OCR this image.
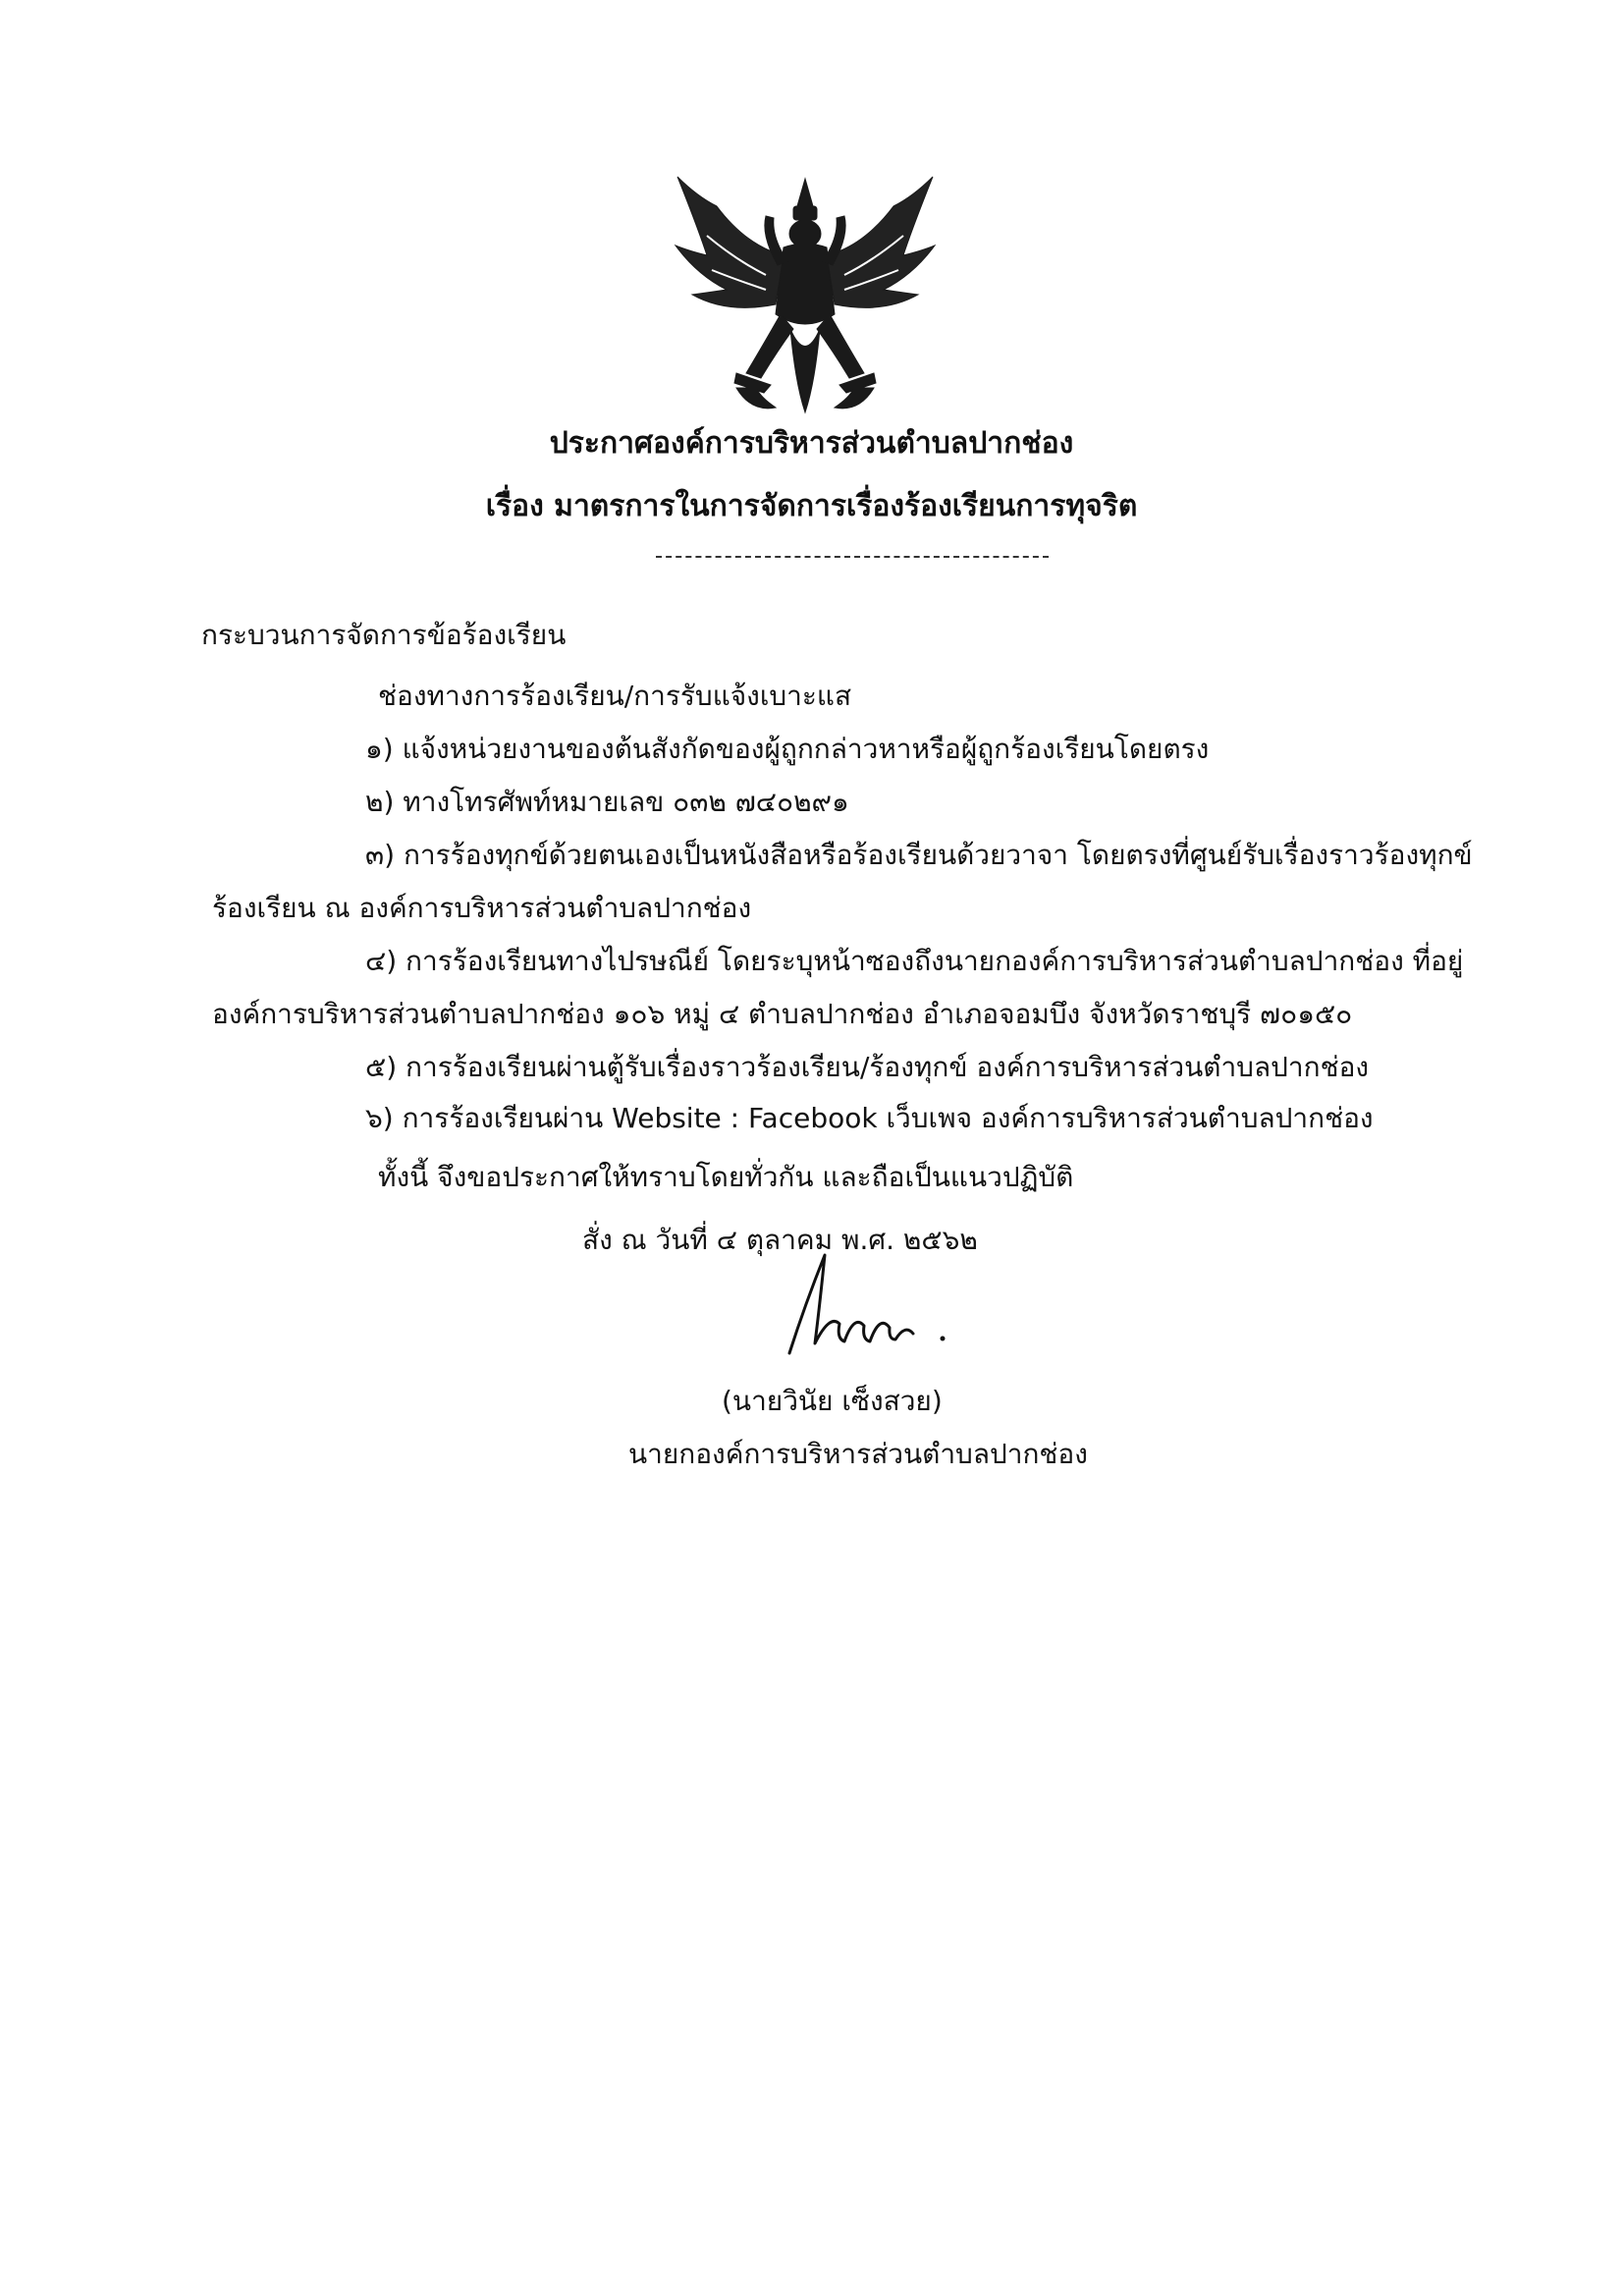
ประกาศองค์การบริหารส่วนตำบลปากช่อง
เรื่อง มาตรการในการจัดการเรื่องร้องเรียนการทุจริต
กระบวนการจัดการข้อร้องเรียน
ช่องทางการร้องเรียน/การรับแจ้งเบาะแส
๑) แจ้งหน่วยงานของต้นสังกัดของผู้ถูกกล่าวหาหรือผู้ถูกร้องเรียนโดยตรง
๒) ทางโทรศัพท์หมายเลข ๐๓๒ ๗๔๐๒๙๑
๓) การร้องทุกข์ด้วยตนเองเป็นหนังสือหรือร้องเรียนด้วยวาจา โดยตรงที่ศูนย์รับเรื่องราวร้องทุกข์
ร้องเรียน ณ องค์การบริหารส่วนตำบลปากช่อง
๔) การร้องเรียนทางไปรษณีย์ โดยระบุหน้าซองถึงนายกองค์การบริหารส่วนตำบลปากช่อง ที่อยู่
องค์การบริหารส่วนตำบลปากช่อง ๑๐๖ หมู่ ๔ ตำบลปากช่อง อำเภอจอมบึง จังหวัดราชบุรี ๗๐๑๕๐
๕) การร้องเรียนผ่านตู้รับเรื่องราวร้องเรียน/ร้องทุกข์ องค์การบริหารส่วนตำบลปากช่อง
๖) การร้องเรียนผ่าน Website : Facebook เว็บเพจ องค์การบริหารส่วนตำบลปากช่อง
ทั้งนี้ จึงขอประกาศให้ทราบโดยทั่วกัน และถือเป็นแนวปฏิบัติ
สั่ง ณ วันที่ ๔ ตุลาคม พ.ศ. ๒๕๖๒
(นายวินัย เซ็งสวย)
นายกองค์การบริหารส่วนตำบลปากช่อง
